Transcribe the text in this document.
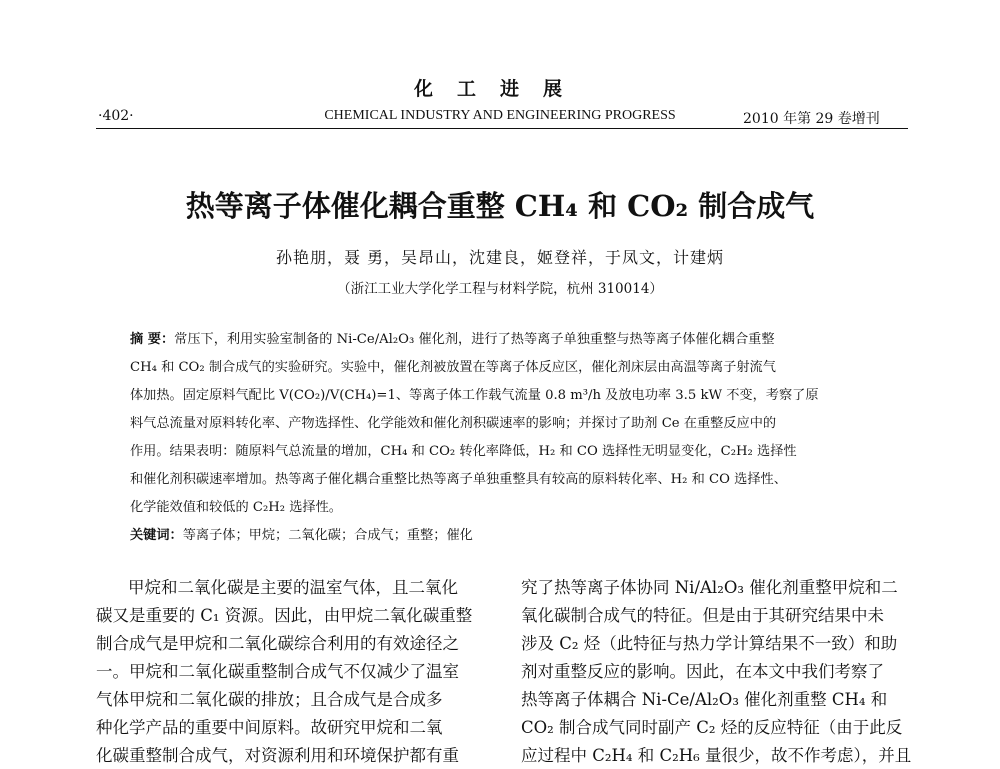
化工进展
·402·	CHEMICAL INDUSTRY AND ENGINEERING PROGRESS	2010 年第 29 卷增刊
热等离子体催化耦合重整 CH₄ 和 CO₂ 制合成气
孙艳朋，聂 勇，吴昂山，沈建良，姬登祥，于凤文，计建炳
（浙江工业大学化学工程与材料学院，杭州 310014）
摘 要：常压下，利用实验室制备的 Ni-Ce/Al₂O₃ 催化剂，进行了热等离子单独重整与热等离子体催化耦合重整
CH₄ 和 CO₂ 制合成气的实验研究。实验中，催化剂被放置在等离子体反应区，催化剂床层由高温等离子射流气
体加热。固定原料气配比 V(CO₂)/V(CH₄)=1、等离子体工作载气流量 0.8 m³/h 及放电功率 3.5 kW 不变，考察了原
料气总流量对原料转化率、产物选择性、化学能效和催化剂积碳速率的影响；并探讨了助剂 Ce 在重整反应中的
作用。结果表明：随原料气总流量的增加，CH₄ 和 CO₂ 转化率降低，H₂ 和 CO 选择性无明显变化，C₂H₂ 选择性
和催化剂积碳速率增加。热等离子催化耦合重整比热等离子单独重整具有较高的原料转化率、H₂ 和 CO 选择性、
化学能效值和较低的 C₂H₂ 选择性。
关键词：等离子体；甲烷；二氧化碳；合成气；重整；催化
甲烷和二氧化碳是主要的温室气体，且二氧化
碳又是重要的 C₁ 资源。因此，由甲烷二氧化碳重整
制合成气是甲烷和二氧化碳综合利用的有效途径之
一。甲烷和二氧化碳重整制合成气不仅减少了温室
气体甲烷和二氧化碳的排放；且合成气是合成多
种化学产品的重要中间原料。故研究甲烷和二氧
化碳重整制合成气，对资源利用和环境保护都有重
究了热等离子体协同 Ni/Al₂O₃ 催化剂重整甲烷和二
氧化碳制合成气的特征。但是由于其研究结果中未
涉及 C₂ 烃（此特征与热力学计算结果不一致）和助
剂对重整反应的影响。因此，在本文中我们考察了
热等离子体耦合 Ni-Ce/Al₂O₃ 催化剂重整 CH₄ 和
CO₂ 制合成气同时副产 C₂ 烃的反应特征（由于此反
应过程中 C₂H₄ 和 C₂H₆ 量很少，故不作考虑），并且
